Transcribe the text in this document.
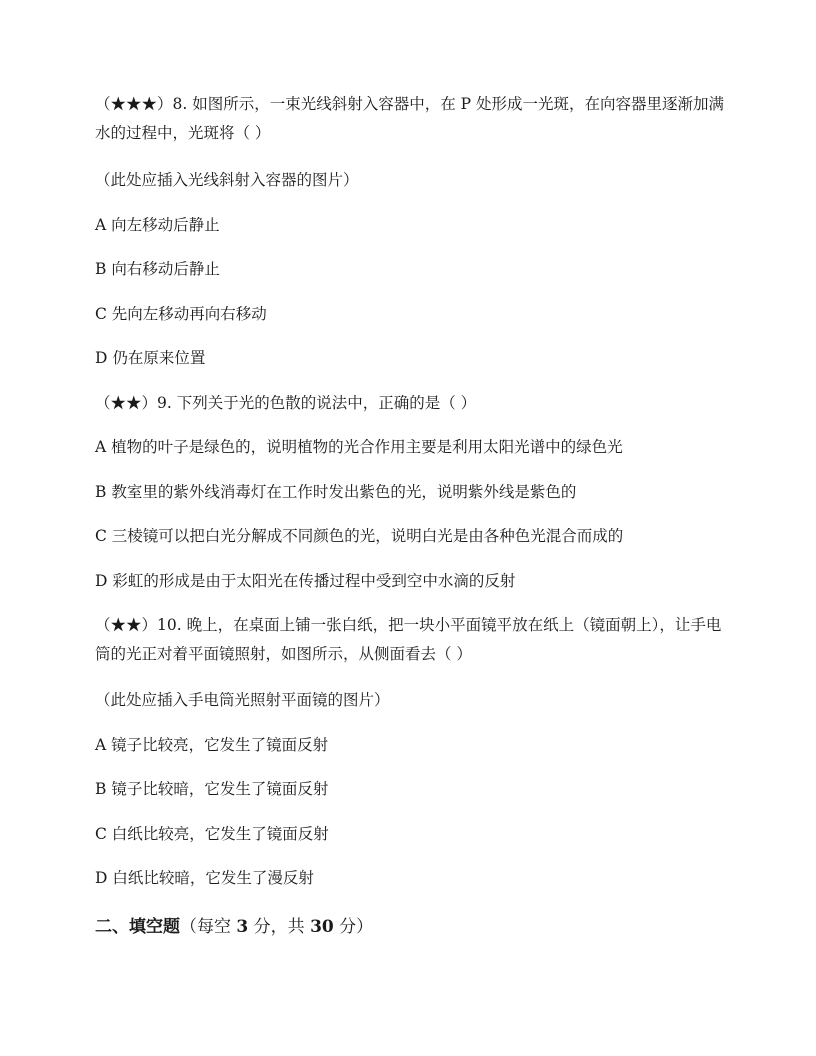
（★★★）8. 如图所示，一束光线斜射入容器中，在 P 处形成一光斑，在向容器里逐渐加满水的过程中，光斑将（ ）
（此处应插入光线斜射入容器的图片）
A 向左移动后静止
B 向右移动后静止
C 先向左移动再向右移动
D 仍在原来位置
（★★）9. 下列关于光的色散的说法中，正确的是（ ）
A 植物的叶子是绿色的，说明植物的光合作用主要是利用太阳光谱中的绿色光
B 教室里的紫外线消毒灯在工作时发出紫色的光，说明紫外线是紫色的
C 三棱镜可以把白光分解成不同颜色的光，说明白光是由各种色光混合而成的
D 彩虹的形成是由于太阳光在传播过程中受到空中水滴的反射
（★★）10. 晚上，在桌面上铺一张白纸，把一块小平面镜平放在纸上（镜面朝上），让手电筒的光正对着平面镜照射，如图所示，从侧面看去（ ）
（此处应插入手电筒光照射平面镜的图片）
A 镜子比较亮，它发生了镜面反射
B 镜子比较暗，它发生了镜面反射
C 白纸比较亮，它发生了镜面反射
D 白纸比较暗，它发生了漫反射
二、填空题（每空 3 分，共 30 分）
